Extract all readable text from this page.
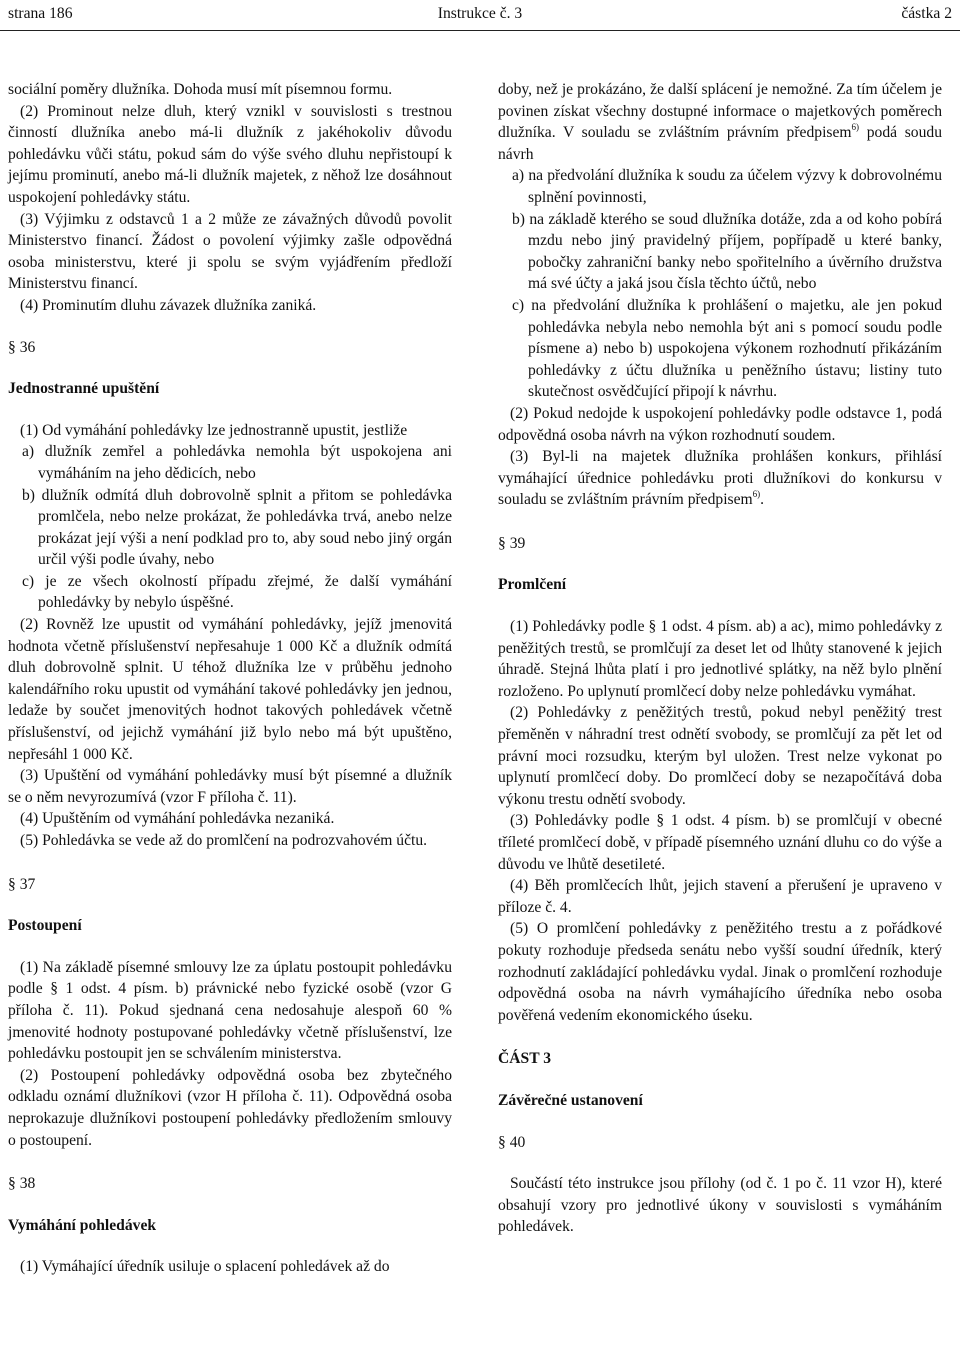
strana 186	Instrukce č. 3	částka 2

sociální poměry dlužníka. Dohoda musí mít písemnou formu.

(2) Prominout nelze dluh, který vznikl v souvislosti s trestnou činností dlužníka anebo má-li dlužník z jakéhokoliv důvodu pohledávku vůči státu, pokud sám do výše svého dluhu nepřistoupí k jejímu prominutí, anebo má-li dlužník majetek, z něhož lze dosáhnout uspokojení pohledávky státu.

(3) Výjimku z odstavců 1 a 2 může ze závažných důvodů povolit Ministerstvo financí. Žádost o povolení výjimky zašle odpovědná osoba ministerstvu, které ji spolu se svým vyjádřením předloží Ministerstvu financí.

(4) Prominutím dluhu závazek dlužníka zaniká.

§ 36

Jednostranné upuštění

(1) Od vymáhání pohledávky lze jednostranně upustit, jestliže

a) dlužník zemřel a pohledávka nemohla být uspokojena ani vymáháním na jeho dědicích, nebo

b) dlužník odmítá dluh dobrovolně splnit a přitom se pohledávka promlčela, nebo nelze prokázat, že pohledávka trvá, anebo nelze prokázat její výši a není podklad pro to, aby soud nebo jiný orgán určil výši podle úvahy, nebo

c) je ze všech okolností případu zřejmé, že další vymáhání pohledávky by nebylo úspěšné.

(2) Rovněž lze upustit od vymáhání pohledávky, jejíž jmenovitá hodnota včetně příslušenství nepřesahuje 1 000 Kč a dlužník odmítá dluh dobrovolně splnit. U téhož dlužníka lze v průběhu jednoho kalendářního roku upustit od vymáhání takové pohledávky jen jednou, ledaže by součet jmenovitých hodnot takových pohledávek včetně příslušenství, od jejichž vymáhání již bylo nebo má být upuštěno, nepřesáhl 1 000 Kč.

(3) Upuštění od vymáhání pohledávky musí být písemné a dlužník se o něm nevyrozumívá (vzor F příloha č. 11).

(4) Upuštěním od vymáhání pohledávka nezaniká.

(5) Pohledávka se vede až do promlčení na podrozvahovém účtu.

§ 37

Postoupení

(1) Na základě písemné smlouvy lze za úplatu postoupit pohledávku podle § 1 odst. 4 písm. b) právnické nebo fyzické osobě (vzor G příloha č. 11). Pokud sjednaná cena nedosahuje alespoň 60 % jmenovité hodnoty postupované pohledávky včetně příslušenství, lze pohledávku postoupit jen se schválením ministerstva.

(2) Postoupení pohledávky odpovědná osoba bez zbytečného odkladu oznámí dlužníkovi (vzor H příloha č. 11). Odpovědná osoba neprokazuje dlužníkovi postoupení pohledávky předložením smlouvy o postoupení.

§ 38

Vymáhání pohledávek

(1) Vymáhající úředník usiluje o splacení pohledávek až do

doby, než je prokázáno, že další splácení je nemožné. Za tím účelem je povinen získat všechny dostupné informace o majetkových poměrech dlužníka. V souladu se zvláštním právním předpisem$^{6)}$ podá soudu návrh

a) na předvolání dlužníka k soudu za účelem výzvy k dobrovolnému splnění povinnosti,

b) na základě kterého se soud dlužníka dotáže, zda a od koho pobírá mzdu nebo jiný pravidelný příjem, popřípadě u které banky, pobočky zahraniční banky nebo spořitelního a úvěrního družstva má své účty a jaká jsou čísla těchto účtů, nebo

c) na předvolání dlužníka k prohlášení o majetku, ale jen pokud pohledávka nebyla nebo nemohla být ani s pomocí soudu podle písmene a) nebo b) uspokojena výkonem rozhodnutí přikázáním pohledávky z účtu dlužníka u peněžního ústavu; listiny tuto skutečnost osvědčující připojí k návrhu.

(2) Pokud nedojde k uspokojení pohledávky podle odstavce 1, podá odpovědná osoba návrh na výkon rozhodnutí soudem.

(3) Byl-li na majetek dlužníka prohlášen konkurs, přihlásí vymáhající úřednice pohledávku proti dlužníkovi do konkursu v souladu se zvláštním právním předpisem$^{6)}$.

§ 39

Promlčení

(1) Pohledávky podle § 1 odst. 4 písm. ab) a ac), mimo pohledávky z peněžitých trestů, se promlčují za deset let od lhůty stanovené k jejich úhradě. Stejná lhůta platí i pro jednotlivé splátky, na něž bylo plnění rozloženo. Po uplynutí promlčecí doby nelze pohledávku vymáhat.

(2) Pohledávky z peněžitých trestů, pokud nebyl peněžitý trest přeměněn v náhradní trest odnětí svobody, se promlčují za pět let od právní moci rozsudku, kterým byl uložen. Trest nelze vykonat po uplynutí promlčecí doby. Do promlčecí doby se nezapočítává doba výkonu trestu odnětí svobody.

(3) Pohledávky podle § 1 odst. 4 písm. b) se promlčují v obecné tříleté promlčecí době, v případě písemného uznání dluhu co do výše a důvodu ve lhůtě desetileté.

(4) Běh promlčecích lhůt, jejich stavení a přerušení je upraveno v příloze č. 4.

(5) O promlčení pohledávky z peněžitého trestu a z pořádkové pokuty rozhoduje předseda senátu nebo vyšší soudní úředník, který rozhodnutí zakládající pohledávku vydal. Jinak o promlčení rozhoduje odpovědná osoba na návrh vymáhajícího úředníka nebo osoba pověřená vedením ekonomického úseku.

ČÁST 3

Závěrečné ustanovení

§ 40

Součástí této instrukce jsou přílohy (od č. 1 po č. 11 vzor H), které obsahují vzory pro jednotlivé úkony v souvislosti s vymáháním pohledávek.
